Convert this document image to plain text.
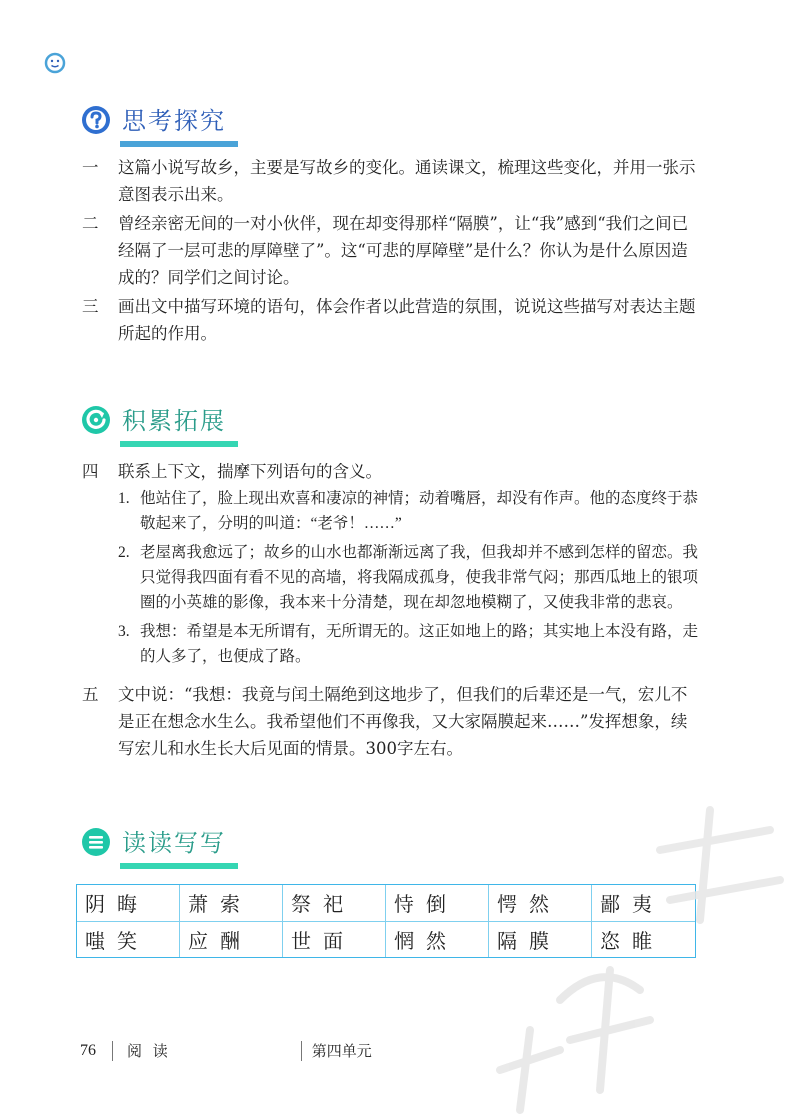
思考探究
一 这篇小说写故乡，主要是写故乡的变化。通读课文，梳理这些变化，并用一张示意图表示出来。
二 曾经亲密无间的一对小伙伴，现在却变得那样“隔膜”，让“我”感到“我们之间已经隔了一层可悲的厚障壁了”。这“可悲的厚障壁”是什么？你认为是什么原因造成的？同学们之间讨论。
三 画出文中描写环境的语句，体会作者以此营造的氛围，说说这些描写对表达主题所起的作用。
积累拓展
四 联系上下文，揣摩下列语句的含义。
1. 他站住了，脸上现出欢喜和凄凉的神情；动着嘴唇，却没有作声。他的态度终于恭敬起来了，分明的叫道：“老爷！……”
2. 老屋离我愈远了；故乡的山水也都渐渐远离了我，但我却并不感到怎样的留恋。我只觉得我四面有看不见的高墙，将我隔成孤身，使我非常气闷；那西瓜地上的银项圈的小英雄的影像，我本来十分清楚，现在却忽地模糊了，又使我非常的悲哀。
3. 我想：希望是本无所谓有，无所谓无的。这正如地上的路；其实地上本没有路，走的人多了，也便成了路。
五 文中说：“我想：我竟与闰土隔绝到这地步了，但我们的后辈还是一气，宏儿不是正在想念水生么。我希望他们不再像我，又大家隔膜起来……”发挥想象，续写宏儿和水生长大后见面的情景。300字左右。
读读写写
阴晦
嗤笑
萧索
应酬
祭祀
世面
恃倒
惘然
愕然
隔膜
鄙夷
恣睢
76 阅 读	第四单元
